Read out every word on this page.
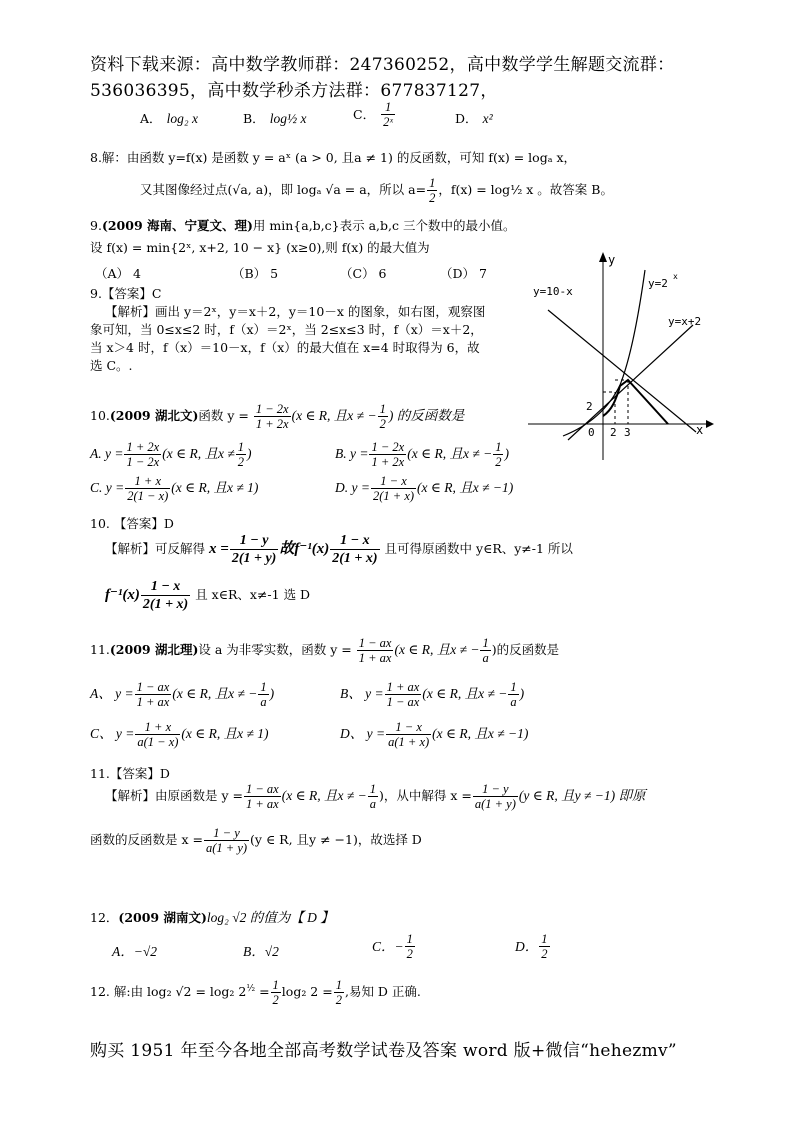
资料下载来源：高中数学教师群：247360252，高中数学学生解题交流群：
536036395，高中数学秒杀方法群：677837127，
A． log₂ x	B． log½ x	C． $\frac{1}{\text{2ˣ}}$	D． x²
8.解：由函数 y=f(x) 是函数 y = aˣ (a > 0, 且a ≠ 1) 的反函数，可知 f(x) = logₐ x，
又其图像经过点(√a, a)，即 logₐ √a = a，所以 $a= \frac{1}{2}$ ，f(x) = log½ x 。故答案 B。
9.(2009 海南、宁夏文、理)用 min{a,b,c}表示 a,b,c 三个数中的最小值。
设 f(x) = min{2ˣ, x+2, 10 − x} (x≥0),则 f(x) 的最大值为
（A） 4	（B） 5	（C） 6	（D） 7
9.【答案】C
【解析】画出 y＝2ˣ，y＝x＋2，y＝10－x 的图象，如右图，观察图
象可知，当 0≤x≤2 时，f（x）＝2ˣ，当 2≤x≤3 时，f（x）＝x＋2，
当 x＞4 时，f（x）＝10－x，f（x）的最大值在 x=4 时取得为 6，故
选 C。.
y
x
y=10-x
y=2
x
y=x+2
2
0 2 3
10.(2009 湖北文)函数 $y = \frac{1 - 2x}{1 + 2x} (x$ ∈ R, 且x ≠ − $\frac{1}{2}$ ) 的反函数是
A. $y = \frac{1 + 2x}{1 - 2x} (x$ ∈ R, 且$x \ne \frac{1}{2}$ )	B. $y = \frac{1 - 2x}{1 + 2x} (x$ ∈ R, 且x ≠ − $\frac{1}{2}$ )
C. $y = \frac{1 + x}{2(1 - x)} (x$ ∈ R, 且x ≠ 1)	D. $y = \frac{1 - x}{2(1 + x)} (x$ ∈ R, 且x ≠ −1)
10. 【答案】D
【解析】可反解得 $x = \frac{1 - y}{2(1 + y)}$ 故$f^{-1}(x) \frac{1 - x}{2(1 + x)}$ 且可得原函数中 y∈R、y≠-1 所以
$f^{-1}(x) \frac{1 - x}{2(1 + x)}$ 且 x∈R、x≠-1 选 D
11.(2009 湖北理)设 a 为非零实数，函数 $y = \frac{1 - ax}{1 + ax} (x$ ∈ R, 且x ≠ − $\frac{1}{a}$ )的反函数是
A、 $y = \frac{1 - ax}{1 + ax} (x$ ∈ R, 且x ≠ − $\frac{1}{a}$ )	B、 $y = \frac{1 + ax}{1 - ax} (x$ ∈ R, 且x ≠ − $\frac{1}{a}$ )
C、 $y = \frac{1 + x}{a(1 - x)} (x$ ∈ R, 且x ≠ 1)	D、 $y = \frac{1 - x}{a(1 + x)} (x$ ∈ R, 且x ≠ −1)
11.【答案】D
【解析】由原函数是 $y = \frac{1 - ax}{1 + ax} (x$ ∈ R, 且x ≠ − $\frac{1}{a}$ )，从中解得 $x = \frac{1 - y}{a(1 + y)} (y$ ∈ R, 且y ≠ −1) 即原
函数的反函数是 $x = \frac{1 - y}{a(1 + y)} (y$ ∈ R, 且y ≠ −1)，故选择 D
12．(2009 湖南文)log₂ √2 的值为【 D 】
A．−√2	B．√2	C．− $\frac{1}{2}$	D． $\frac{1}{2}$
12. 解:由 log₂ √2 = log₂ $2^{\frac{1}{2}} = \frac{1}{2} \log_2$ $2 = \frac{1}{2}$ ,易知 D 正确.
购买 1951 年至今各地全部高考数学试卷及答案 word 版+微信“hehezmv”
